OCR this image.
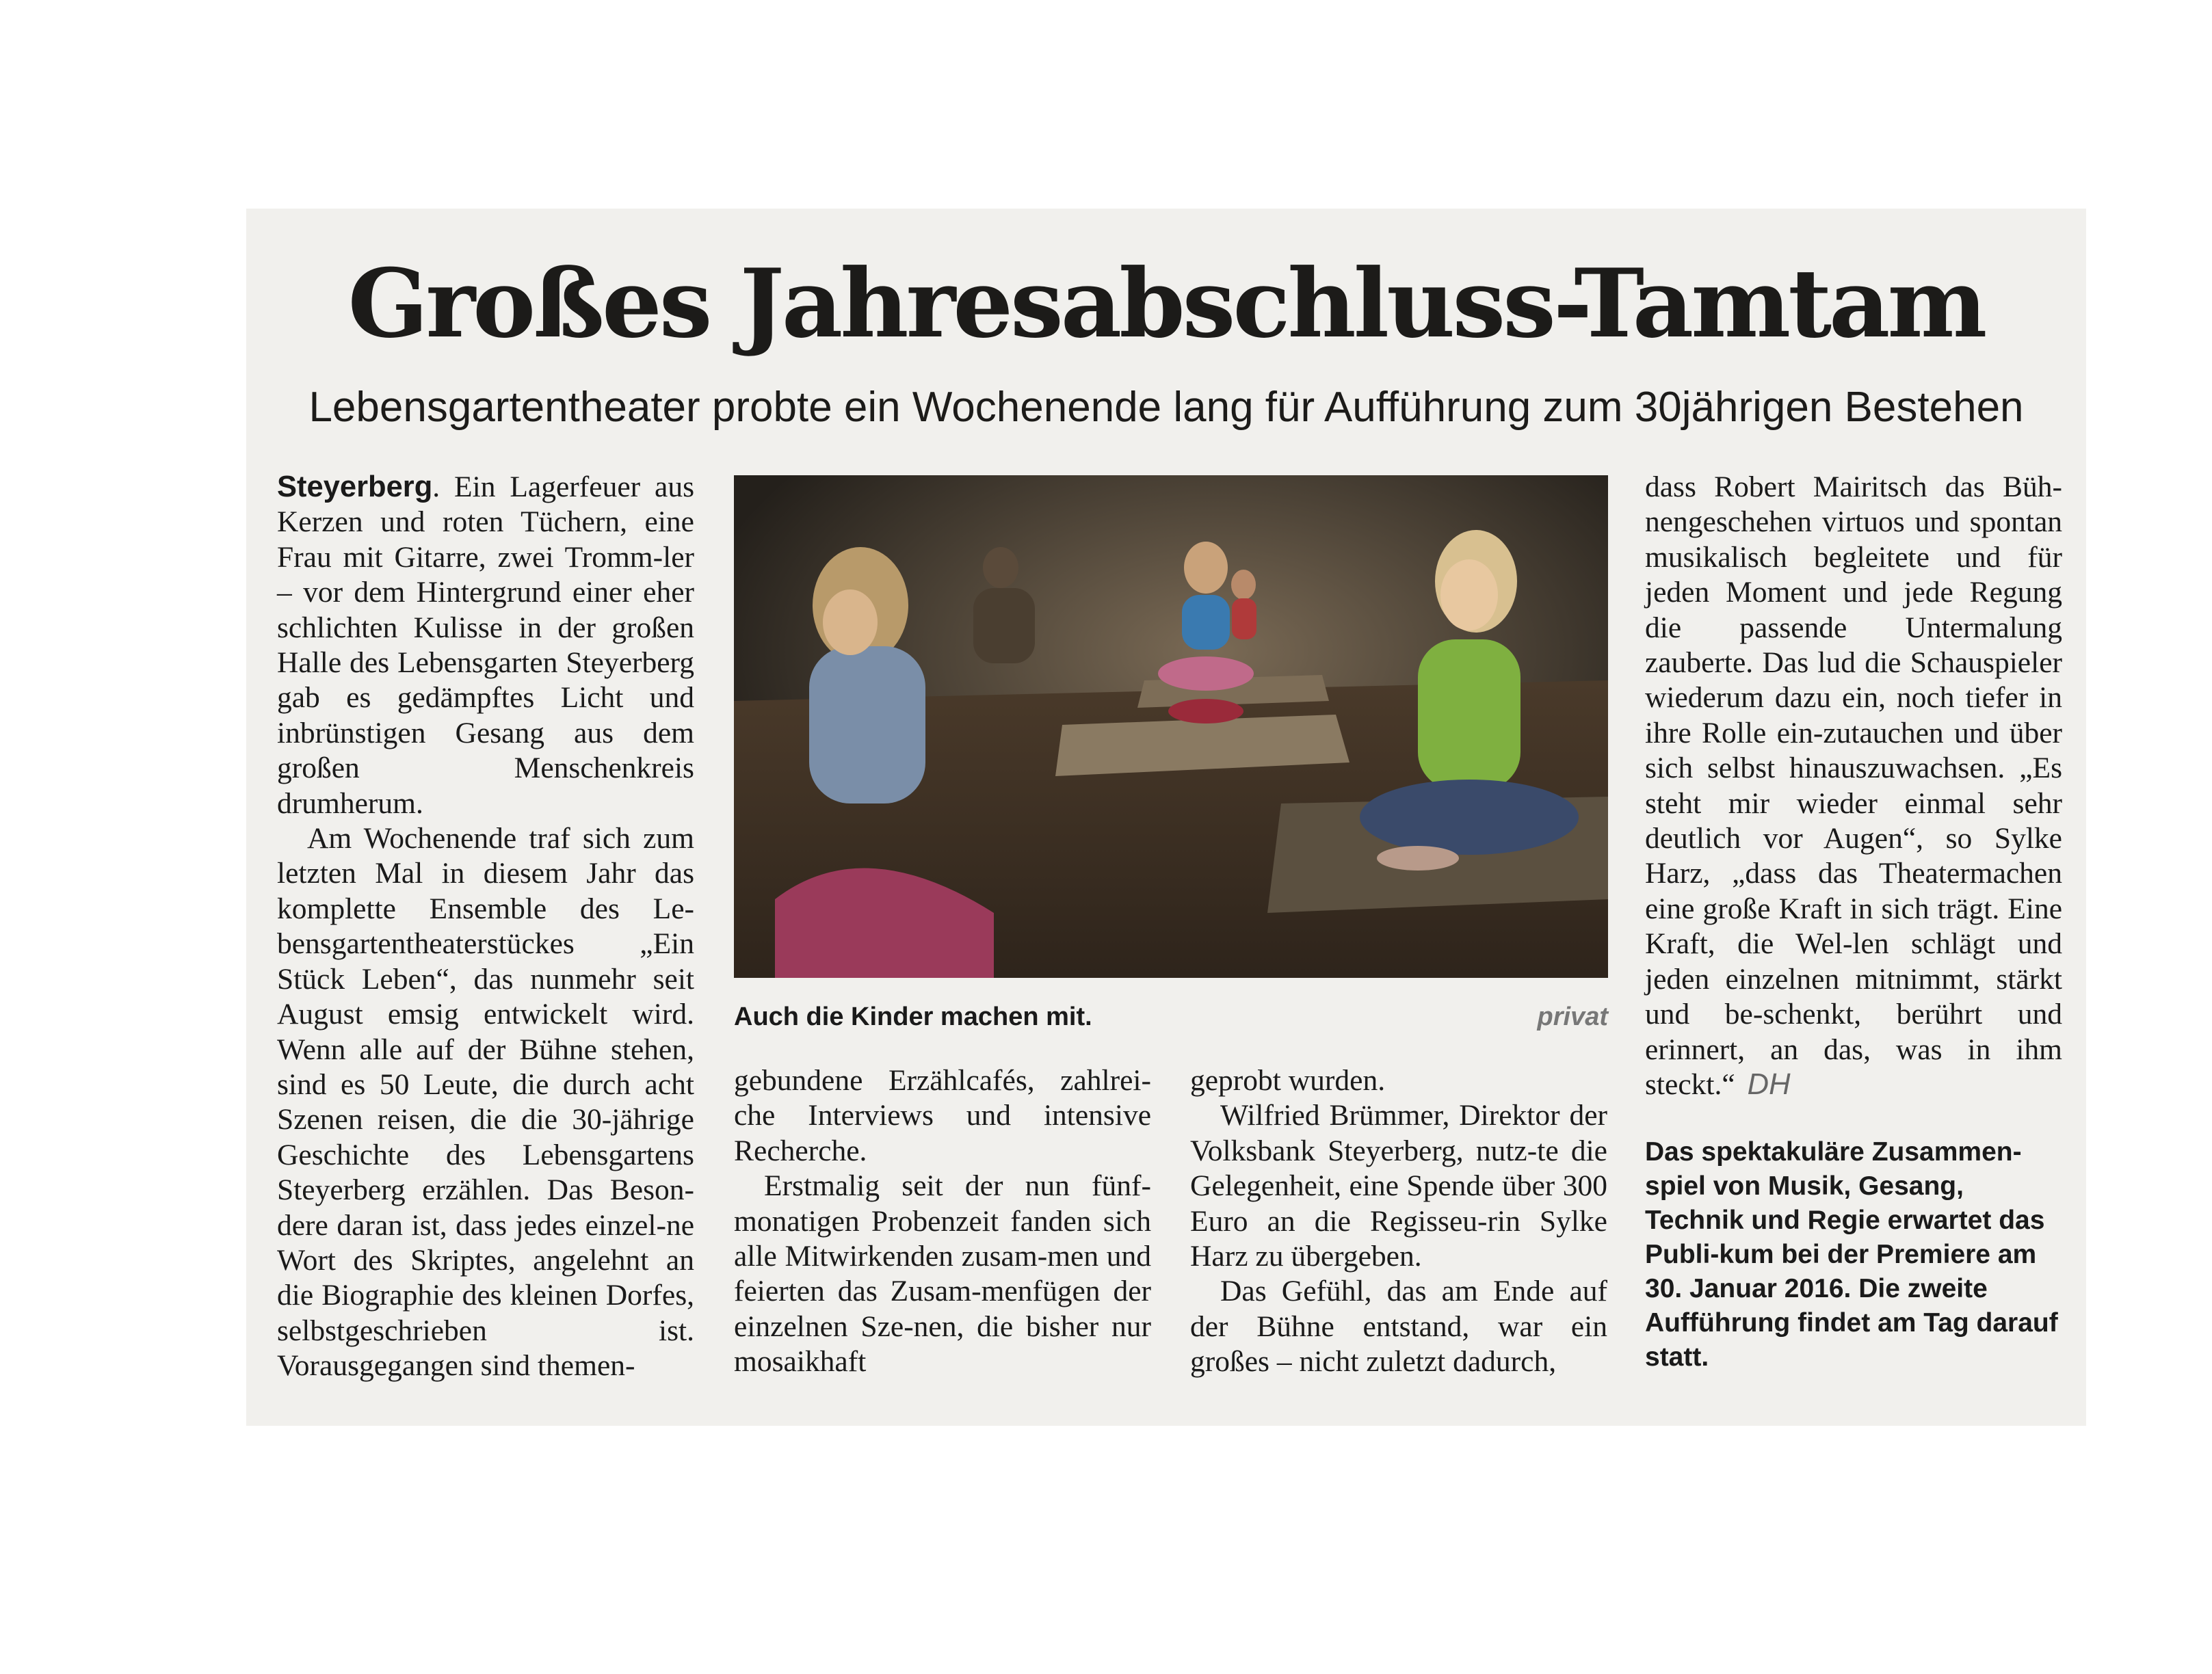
Großes Jahresabschluss-Tamtam
Lebensgartentheater probte ein Wochenende lang für Aufführung zum 30jährigen Bestehen

Steyerberg. Ein Lagerfeuer aus Kerzen und roten Tüchern, eine Frau mit Gitarre, zwei Tromm-ler – vor dem Hintergrund einer eher schlichten Kulisse in der großen Halle des Lebensgarten Steyerberg gab es gedämpftes Licht und inbrünstigen Gesang aus dem großen Menschenkreis drumherum.

Am Wochenende traf sich zum letzten Mal in diesem Jahr das komplette Ensemble des Le-bensgartentheaterstückes „Ein Stück Leben“, das nunmehr seit August emsig entwickelt wird. Wenn alle auf der Bühne stehen, sind es 50 Leute, die durch acht Szenen reisen, die die 30-jährige Geschichte des Lebensgartens Steyerberg erzählen. Das Beson-dere daran ist, dass jedes einzel-ne Wort des Skriptes, angelehnt an die Biographie des kleinen Dorfes, selbstgeschrieben ist. Vorausgegangen sind themen-

Auch die Kinder machen mit.	privat

gebundene Erzählcafés, zahlrei-che Interviews und intensive Recherche.

Erstmalig seit der nun fünf-monatigen Probenzeit fanden sich alle Mitwirkenden zusam-men und feierten das Zusam-menfügen der einzelnen Sze-nen, die bisher nur mosaikhaft

geprobt wurden.

Wilfried Brümmer, Direktor der Volksbank Steyerberg, nutz-te die Gelegenheit, eine Spende über 300 Euro an die Regisseu-rin Sylke Harz zu übergeben.

Das Gefühl, das am Ende auf der Bühne entstand, war ein großes – nicht zuletzt dadurch,

dass Robert Mairitsch das Büh-nengeschehen virtuos und spontan musikalisch begleitete und für jeden Moment und jede Regung die passende Untermalung zauberte. Das lud die Schauspieler wiederum dazu ein, noch tiefer in ihre Rolle ein-zutauchen und über sich selbst hinauszuwachsen. „Es steht mir wieder einmal sehr deutlich vor Augen“, so Sylke Harz, „dass das Theatermachen eine große Kraft in sich trägt. Eine Kraft, die Wel-len schlägt und jeden einzelnen mitnimmt, stärkt und be-schenkt, berührt und erinnert, an das, was in ihm steckt.“ DH

Das spektakuläre Zusammen-spiel von Musik, Gesang, Technik und Regie erwartet das Publi-kum bei der Premiere am 30. Januar 2016. Die zweite Aufführung findet am Tag darauf statt.
